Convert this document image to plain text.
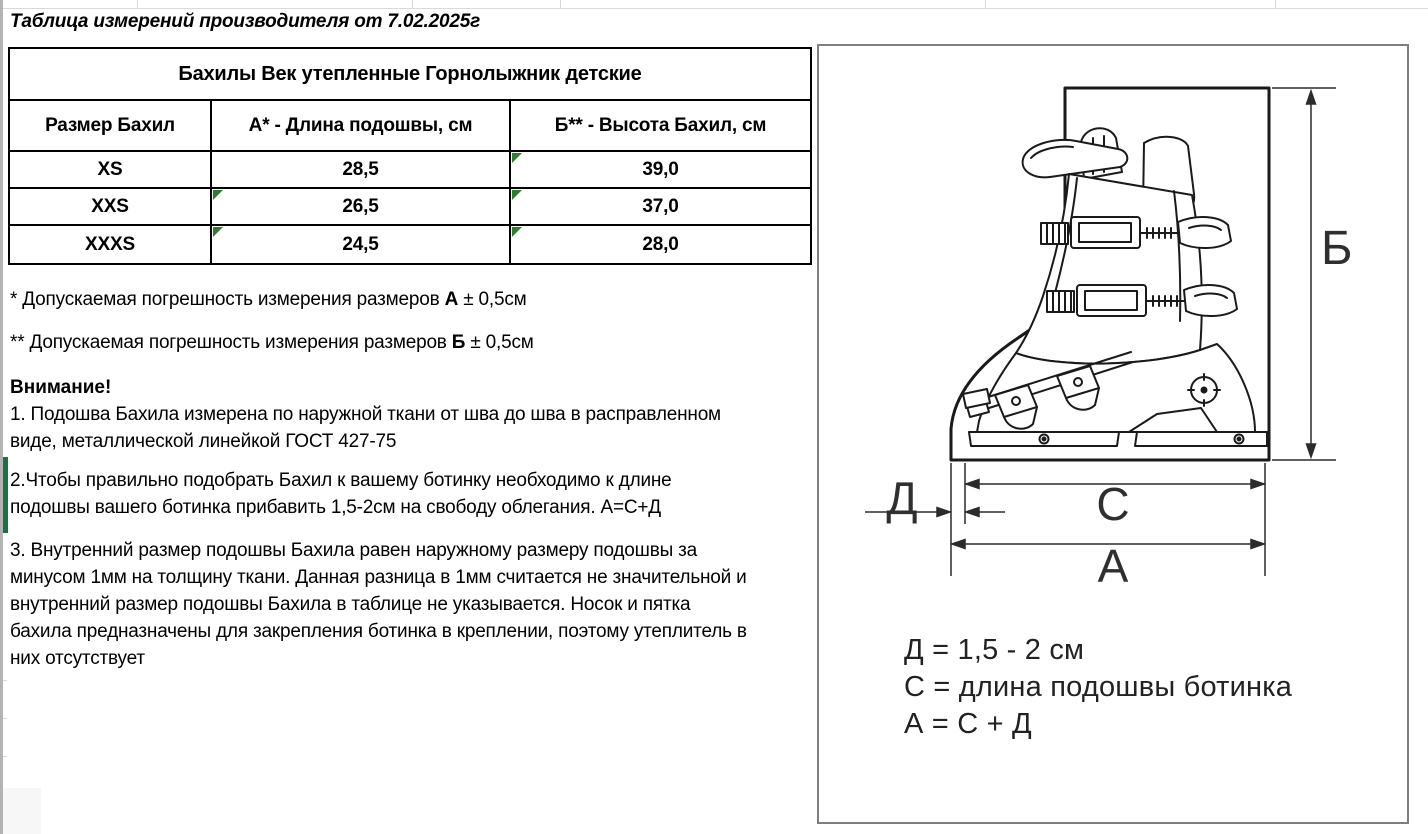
Таблица измерений производителя от 7.02.2025г
Бахилы Век утепленные Горнолыжник детские
Размер Бахил	А* - Длина подошвы, см	Б** - Высота Бахил, см
XS	28,5	39,0
XXS	26,5	37,0
XXXS	24,5	28,0
* Допускаемая погрешность измерения размеров А ± 0,5см
** Допускаемая погрешность измерения размеров Б ± 0,5см
Внимание!
1. Подошва Бахила измерена по наружной ткани от шва до шва в расправленном виде, металлической линейкой ГОСТ 427-75
2.Чтобы правильно подобрать Бахил к вашему ботинку необходимо к длине подошвы вашего ботинка прибавить 1,5-2см на свободу облегания. А=С+Д
3. Внутренний размер подошвы Бахила равен наружному размеру подошвы за минусом 1мм на толщину ткани. Данная разница в 1мм считается не значительной и внутренний размер подошвы Бахила в таблице не указывается. Носок и пятка бахила предназначены для закрепления ботинка в креплении, поэтому утеплитель в них отсутствует
Б
Д	С
А
Д = 1,5 - 2 см
С = длина подошвы ботинка
А = С + Д
